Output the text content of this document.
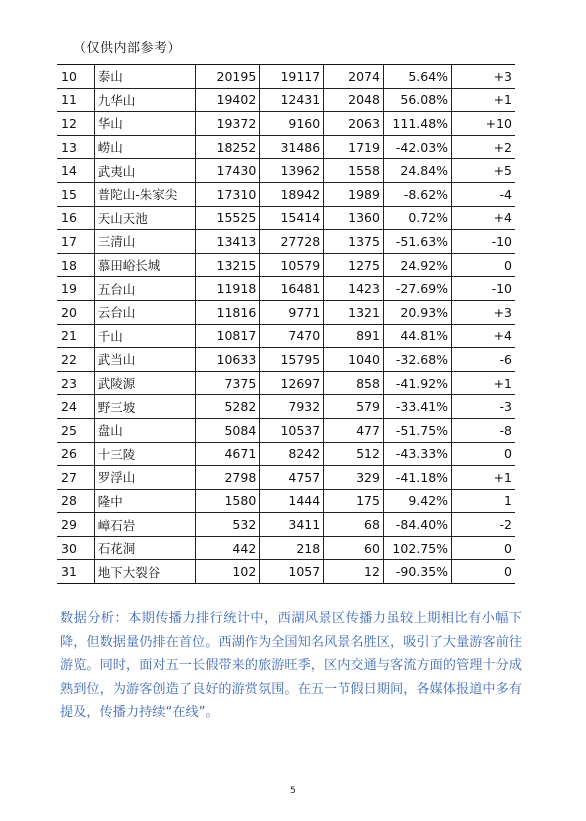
（仅供内部参考）
10	泰山	20195	19117	2074	5.64%	+3
11	九华山	19402	12431	2048	56.08%	+1
12	华山	19372	9160	2063	111.48%	+10
13	崂山	18252	31486	1719	-42.03%	+2
14	武夷山	17430	13962	1558	24.84%	+5
15	普陀山-朱家尖	17310	18942	1989	-8.62%	-4
16	天山天池	15525	15414	1360	0.72%	+4
17	三清山	13413	27728	1375	-51.63%	-10
18	慕田峪长城	13215	10579	1275	24.92%	0
19	五台山	11918	16481	1423	-27.69%	-10
20	云台山	11816	9771	1321	20.93%	+3
21	千山	10817	7470	891	44.81%	+4
22	武当山	10633	15795	1040	-32.68%	-6
23	武陵源	7375	12697	858	-41.92%	+1
24	野三坡	5282	7932	579	-33.41%	-3
25	盘山	5084	10537	477	-51.75%	-8
26	十三陵	4671	8242	512	-43.33%	0
27	罗浮山	2798	4757	329	-41.18%	+1
28	隆中	1580	1444	175	9.42%	1
29	嶂石岩	532	3411	68	-84.40%	-2
30	石花洞	442	218	60	102.75%	0
31	地下大裂谷	102	1057	12	-90.35%	0
数据分析：本期传播力排行统计中，西湖风景区传播力虽较上期相比有小幅下降，但数据量仍排在首位。西湖作为全国知名风景名胜区，吸引了大量游客前往游览。同时，面对五一长假带来的旅游旺季，区内交通与客流方面的管理十分成熟到位，为游客创造了良好的游赏氛围。在五一节假日期间，各媒体报道中多有提及，传播力持续“在线”。
5
